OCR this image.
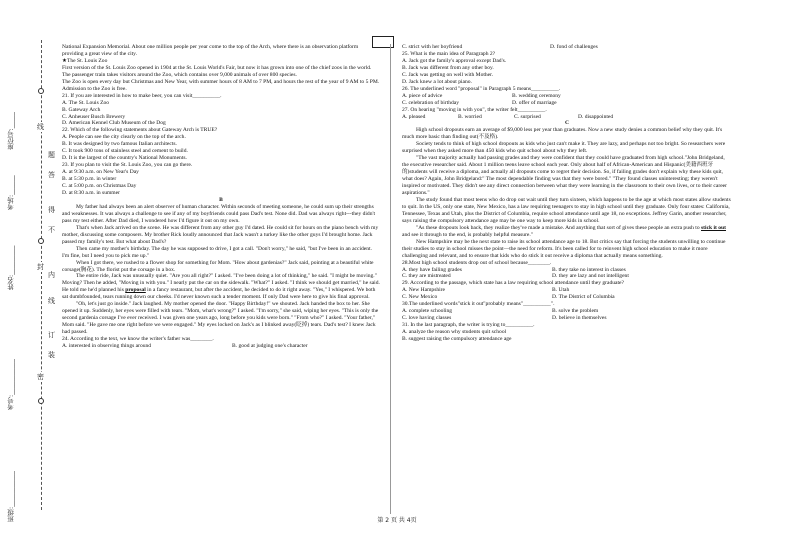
班级:___________
考号:___________
姓名:_________
考场:______
座位号:_____	线
封
密
题
答
得
不
内
线
订
装

National Expansion Memorial. About one million people per year come to the top of the Arch, where there is an observation platform providing a great view of the city.

★The St. Louis Zoo

First version of the St. Louis Zoo opened in 1904 at the St. Louis World's Fair, but now it has grown into one of the chief zoos in the world. The passenger train takes visitors around the Zoo, which contains over 9,000 animals of over 800 species.

The Zoo is open every day but Christmas and New Year, with summer hours of 8 AM to 7 PM, and hours the rest of the year of 9 AM to 5 PM. Admission to the Zoo is free.

21. If you are interested in how to make beer, you can visit__________.

A. The St. Louis Zoo

B. Gateway Arch

C. Anheuser Busch Brewery

D. American Kennel Club Museum of the Dog

22. Which of the following statements about Gateway Arch is TRUE?

A. People can see the city clearly on the top of the arch.

B. It was designed by two famous Italian architects.

C. It took 900 tons of stainless steel and cement to build.

D. It is the largest of the country's National Monuments.

23. If you plan to visit the St. Louis Zoo, you can go there.

A. at 9:30 a.m. on New Year's Day

B. at 5:30 p.m. in winter

C. at 5:00 p.m. on Christmas Day

D. at 8:30 a.m. in summer

B

My father had always been an alert observer of human character. Within seconds of meeting someone, he could sum up their strengths and weaknesses. It was always a challenge to see if any of my boyfriends could pass Dad's test. None did. Dad was always right---they didn't pass my test either. After Dad died, I wondered how I'd figure it out on my own.

That's when Jack arrived on the scene. He was different from any other guy I'd dated. He could sit for hours on the piano bench with my mother, discussing some composers. My brother Rick loudly announced that Jack wasn't a turkey like the other guys I'd brought home. Jack passed my family's test. But what about Dad's?

Then came my mother's birthday. The day he was supposed to drive, I got a call. "Don't worry," he said, "but I've been in an accident. I'm fine, but I need you to pick me up."

When I got there, we rushed to a flower shop for something for Mom. "How about gardenias?" Jack said, pointing at a beautiful white corsage(胸花). The florist put the corsage in a box.

The entire ride, Jack was unusually quiet. "Are you all right?" I asked. "I've been doing a lot of thinking," he said. "I might be moving." Moving? Then he added, "Moving in with you." I nearly put the car on the sidewalk. "What?" I asked. "I think we should get married," he said. He told me he'd planned his proposal in a fancy restaurant, but after the accident, he decided to do it right away. "Yes," I whispered. We both sat dumbfounded, tears running down our cheeks. I'd never known such a tender moment. If only Dad were here to give his final approval.

"Oh, let's just go inside." Jack laughed. My mother opened the door. "Happy Birthday!" we shouted. Jack handed the box to her. She opened it up. Suddenly, her eyes were filled with tears. "Mom, what's wrong?" I asked. "I'm sorry," she said, wiping her eyes. "This is only the second gardenia corsage I've ever received. I was given one years ago, long before you kids were born." "From who?" I asked. "Your father," Mom said. "He gave me one right before we were engaged." My eyes locked on Jack's as I blinked away(眨掉) tears. Dad's test? I knew Jack had passed.

24. According to the text, we know the writer's father was________.

A. interested in observing things around	B. good at judging one's character
C. strict with her boyfriend	D. fond of challenges

25. What is the main idea of Paragraph 2?

A. Jack got the family's approval except Dad's.

B. Jack was different from any other boy.

C. Jack was getting on well with Mother.

D. Jack knew a lot about piano.

26. The underlined word "proposal" in Paragraph 5 means__________.

A. piece of advice	B. wedding ceremony
C. celebration of birthday	D. offer of marriage

27. On hearing "moving in with you", the writer felt__________.

A. pleased	B. worried	C. surprised	D. disappointed

C

High school dropouts earn an average of $9,000 less per year than graduates. Now a new study denies a common belief why they quit. It's much more basic than finding out(不及格).

Society tends to think of high school dropouts as kids who just can't make it. They are lazy, and perhaps not too bright. So researchers were surprised when they asked more than 450 kids who quit school about why they left.

"The vast majority actually had passing grades and they were confident that they could have graduated from high school."John Bridgeland, the executive researcher said. About 1 million teens leave school each year. Only about half of African-American and Hispanic(美籍西班牙的)students will receive a diploma, and actually all dropouts come to regret their decision. So, if failing grades don't explain why these kids quit, what does? Again, John Bridgeland:" The most dependable finding was that they were bored." "They found classes uninteresting; they weren't inspired or motivated. They didn't see any direct connection between what they were learning in the classroom to their own lives, or to their career aspirations."

The study found that most teens who do drop out wait until they turn sixteen, which happens to be the age at which most states allow students to quit. In the US, only one state, New Mexico, has a law requiring teenagers to stay in high school until they graduate. Only four states: California, Tennessee, Texas and Utah, plus the District of Columbia, require school attendance until age 18, no exceptions. Jeffrey Garin, another researcher, says raising the compulsory attendance age may be one way to keep more kids in school.

"As these dropouts look back, they realize they've made a mistake. And anything that sort of gives these people an extra push to stick it out and see it through to the end, is probably helpful measure."

New Hampshire may be the next state to raise its school attendance age to 18. But critics say that forcing the students unwilling to continue their studies to stay in school misses the point—the need for reform. It's been called for to reinvent high school education to make it more challenging and relevant, and to ensure that kids who do stick it out receive a diploma that actually means something.

28.Most high school students drop out of school because________.

A. they have failing grades	B. they take no interest in classes
C. they are mistreated	D. they are lazy and not intelligent

29. According to the passage, which state has a law requiring school attendance until they graduate?

A. New Hampshire	B. Utah
C. New Mexico	D. The District of Columbia

30.The underlined words"stick it out"probably means"__________".

A. complete schooling	B. solve the problem
C. love having classes	D. believe in themselves

31. In the last paragraph, the writer is trying to__________.

A. analyze the reason why students quit school

B. suggest raising the compulsory attendance age

第 2 页 共 4页
